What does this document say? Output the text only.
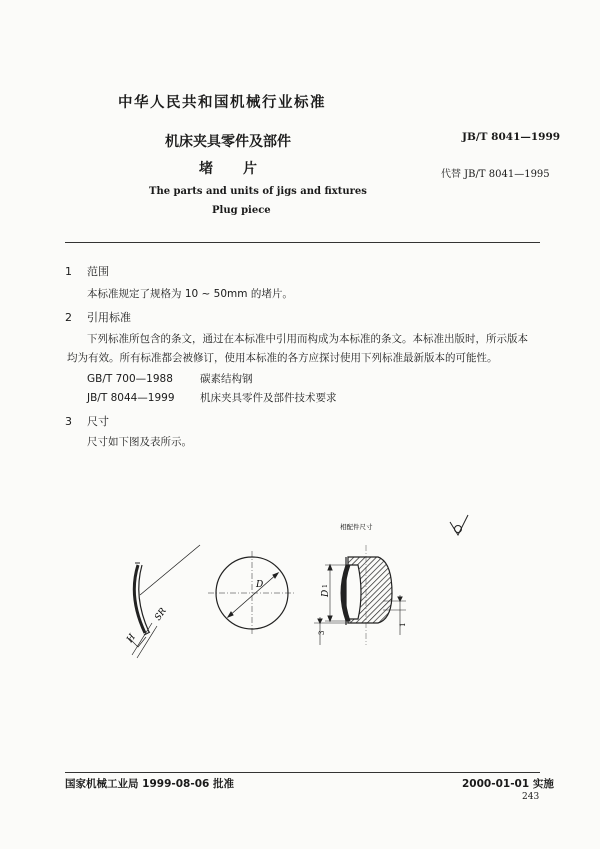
中华人民共和国机械行业标准
JB/T 8041—1999
代替 JB/T 8041—1995
机床夹具零件及部件
堵片
The parts and units of jigs and fixtures
Plug piece
1 范围
本标准规定了规格为 10 ~ 50mm 的堵片。
2 引用标准
下列标准所包含的条文，通过在本标准中引用而构成为本标准的条文。本标准出版时，所示版本
均为有效。所有标准都会被修订，使用本标准的各方应探讨使用下列标准最新版本的可能性。
GB/T 700—1988	碳素结构钢
JB/T 8044—1999 机床夹具零件及部件技术要求
3 尺寸
尺寸如下图及表所示。
SR
H
D
相配件尺寸
D
1
3
1
国家机械工业局 1999-08-06 批准	2000-01-01 实施
243
